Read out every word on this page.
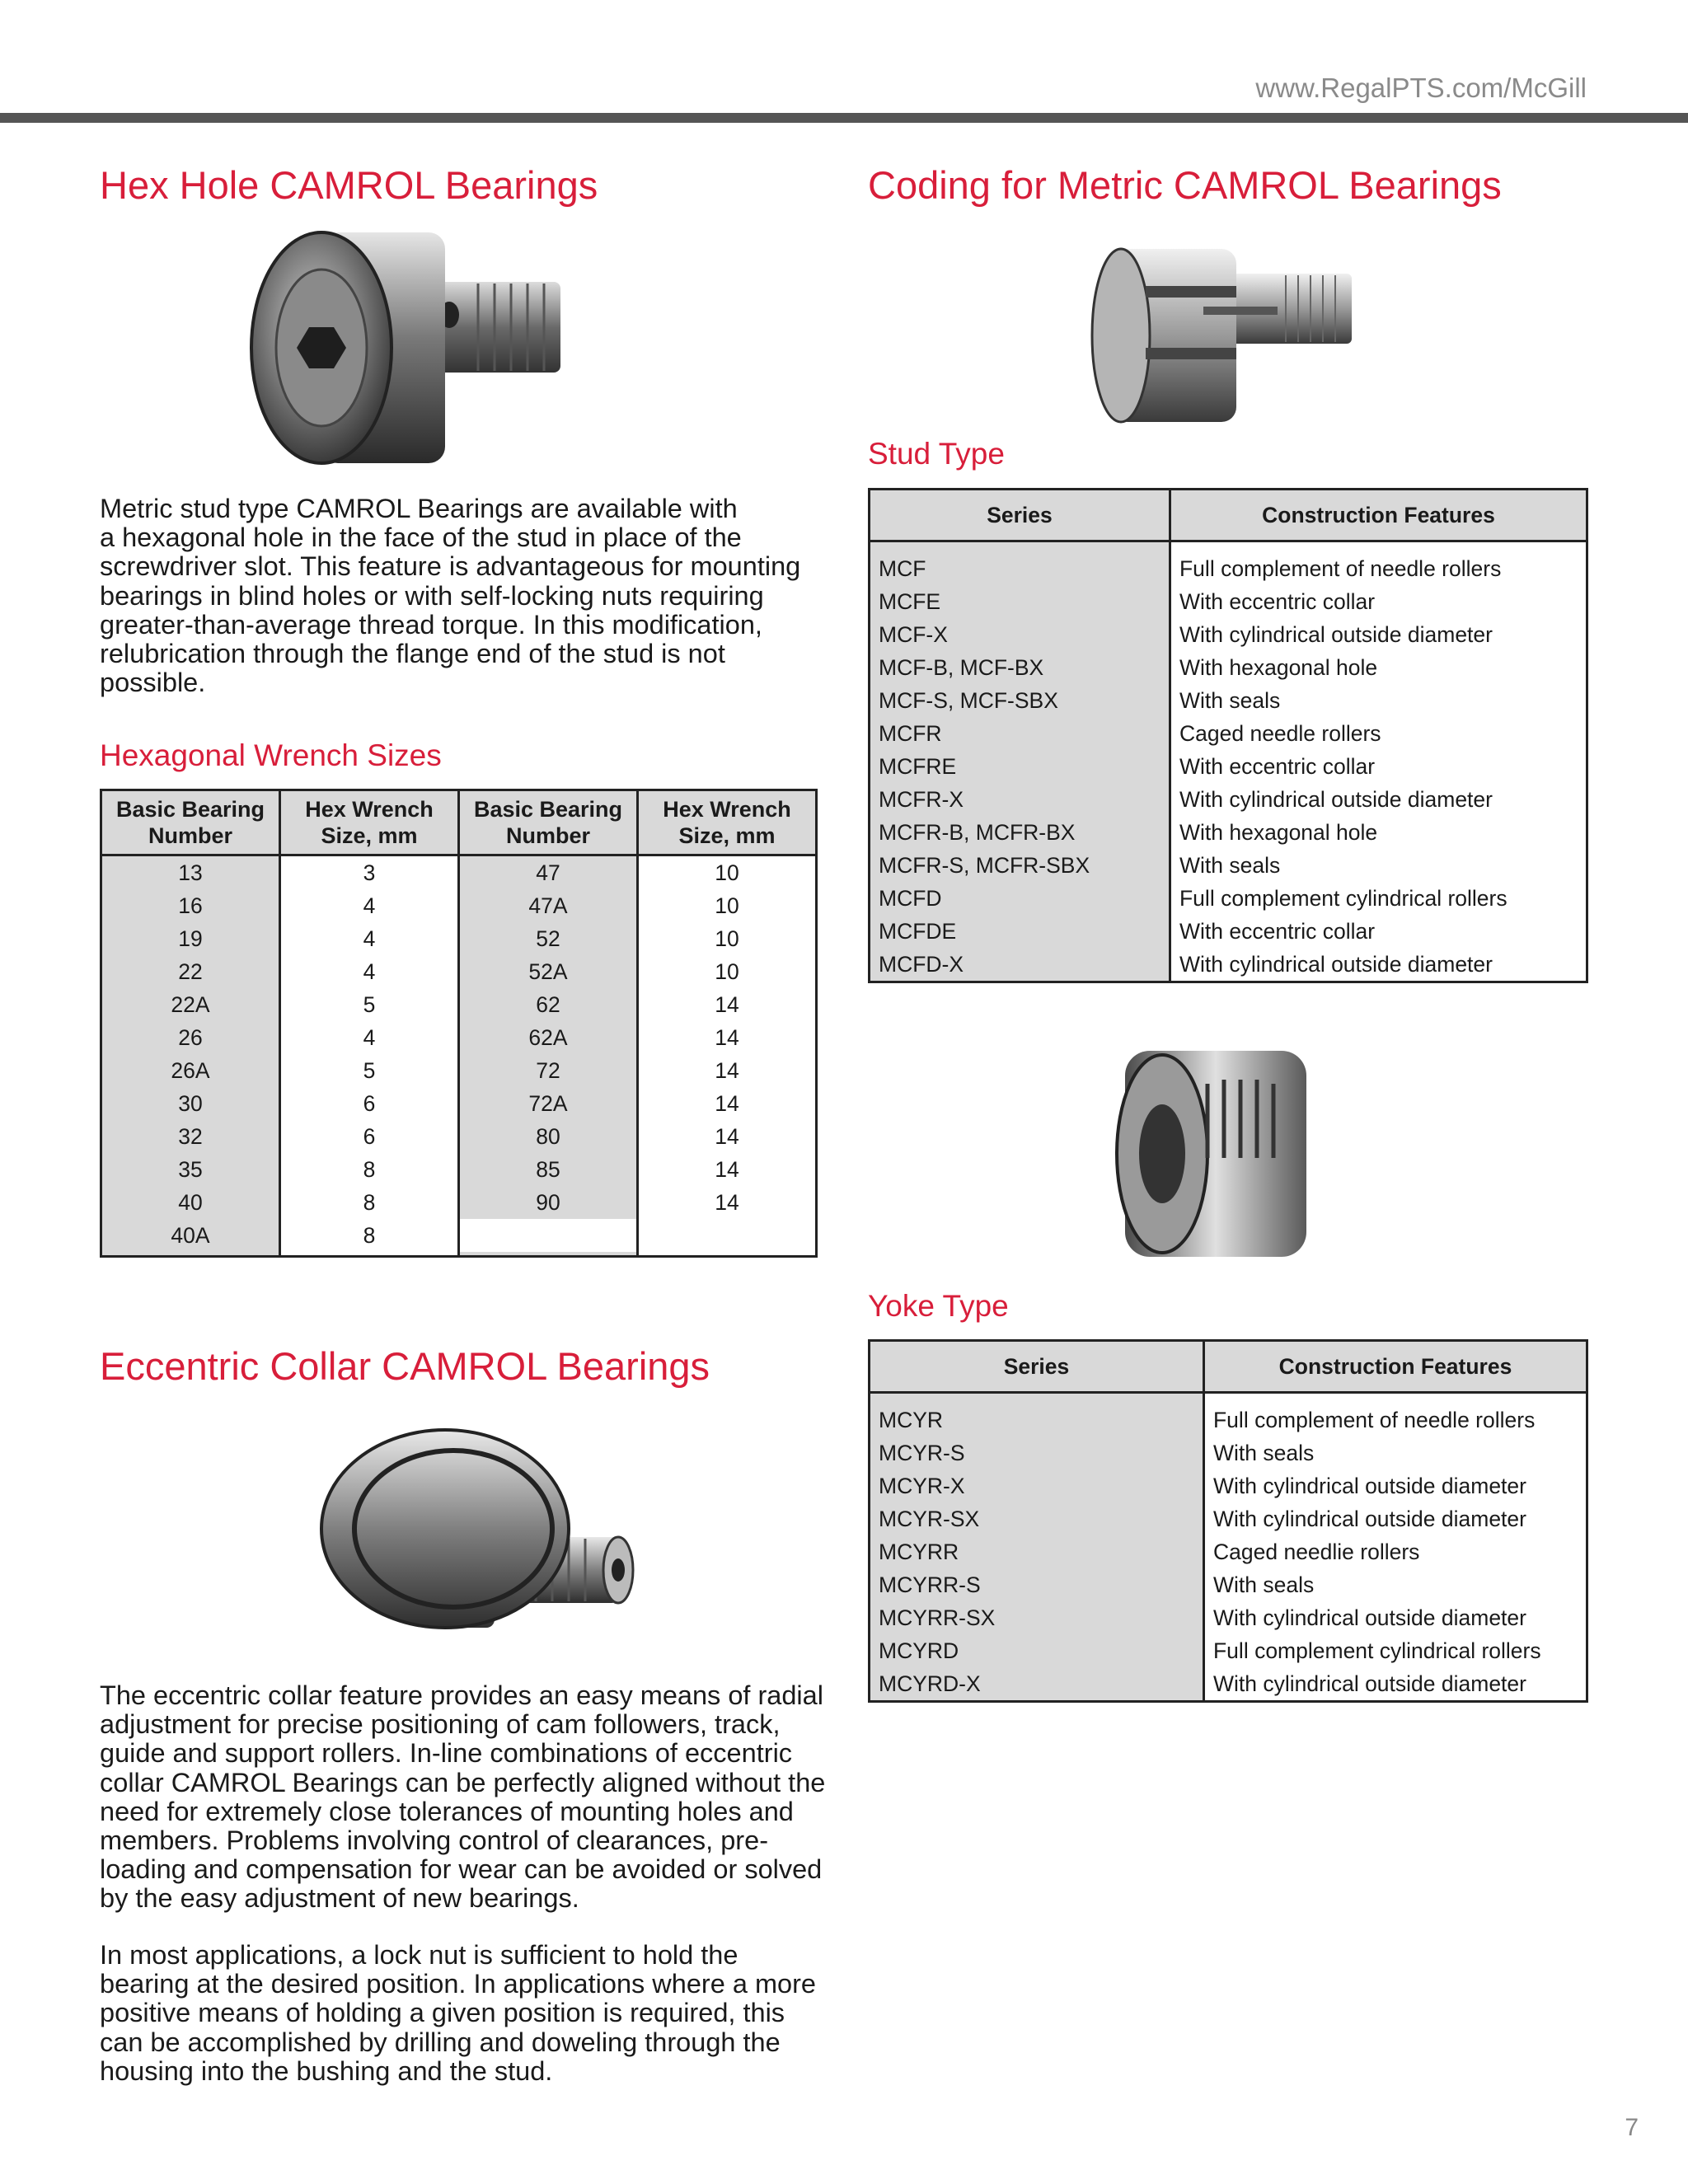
www.RegalPTS.com/McGill
Hex Hole CAMROL Bearings
Metric stud type CAMROL Bearings are available with
a hexagonal hole in the face of the stud in place of the
screwdriver slot. This feature is advantageous for mounting
bearings in blind holes or with self-locking nuts requiring
greater-than-average thread torque. In this modification,
relubrication through the flange end of the stud is not
possible.
Hexagonal Wrench Sizes
Basic Bearing
Number	Hex Wrench
Size, mm	Basic Bearing
Number	Hex Wrench
Size, mm
13	3	47	10
16	4	47A	10
19	4	52	10
22	4	52A	10
22A	5	62	14
26	4	62A	14
26A	5	72	14
30	6	72A	14
32	6	80	14
35	8	85	14
40	8	90	14
40A	8		

Eccentric Collar CAMROL Bearings
The eccentric collar feature provides an easy means of radial
adjustment for precise positioning of cam followers, track,
guide and support rollers. In-line combinations of eccentric
collar CAMROL Bearings can be perfectly aligned without the
need for extremely close tolerances of mounting holes and
members. Problems involving control of clearances, pre-
loading and compensation for wear can be avoided or solved
by the easy adjustment of new bearings.
In most applications, a lock nut is sufficient to hold the
bearing at the desired position. In applications where a more
positive means of holding a given position is required, this
can be accomplished by drilling and doweling through the
housing into the bushing and the stud.
Coding for Metric CAMROL Bearings
Stud Type
Series	Construction Features

MCF	Full complement of needle rollers
MCFE	With eccentric collar
MCF-X	With cylindrical outside diameter
MCF-B, MCF-BX	With hexagonal hole
MCF-S, MCF-SBX	With seals
MCFR	Caged needle rollers
MCFRE	With eccentric collar
MCFR-X	With cylindrical outside diameter
MCFR-B, MCFR-BX	With hexagonal hole
MCFR-S, MCFR-SBX	With seals
MCFD	Full complement cylindrical rollers
MCFDE	With eccentric collar
MCFD-X	With cylindrical outside diameter
Yoke Type
Series	Construction Features

MCYR	Full complement of needle rollers
MCYR-S	With seals
MCYR-X	With cylindrical outside diameter
MCYR-SX	With cylindrical outside diameter
MCYRR	Caged needlie rollers
MCYRR-S	With seals
MCYRR-SX	With cylindrical outside diameter
MCYRD	Full complement cylindrical rollers
MCYRD-X	With cylindrical outside diameter
7
